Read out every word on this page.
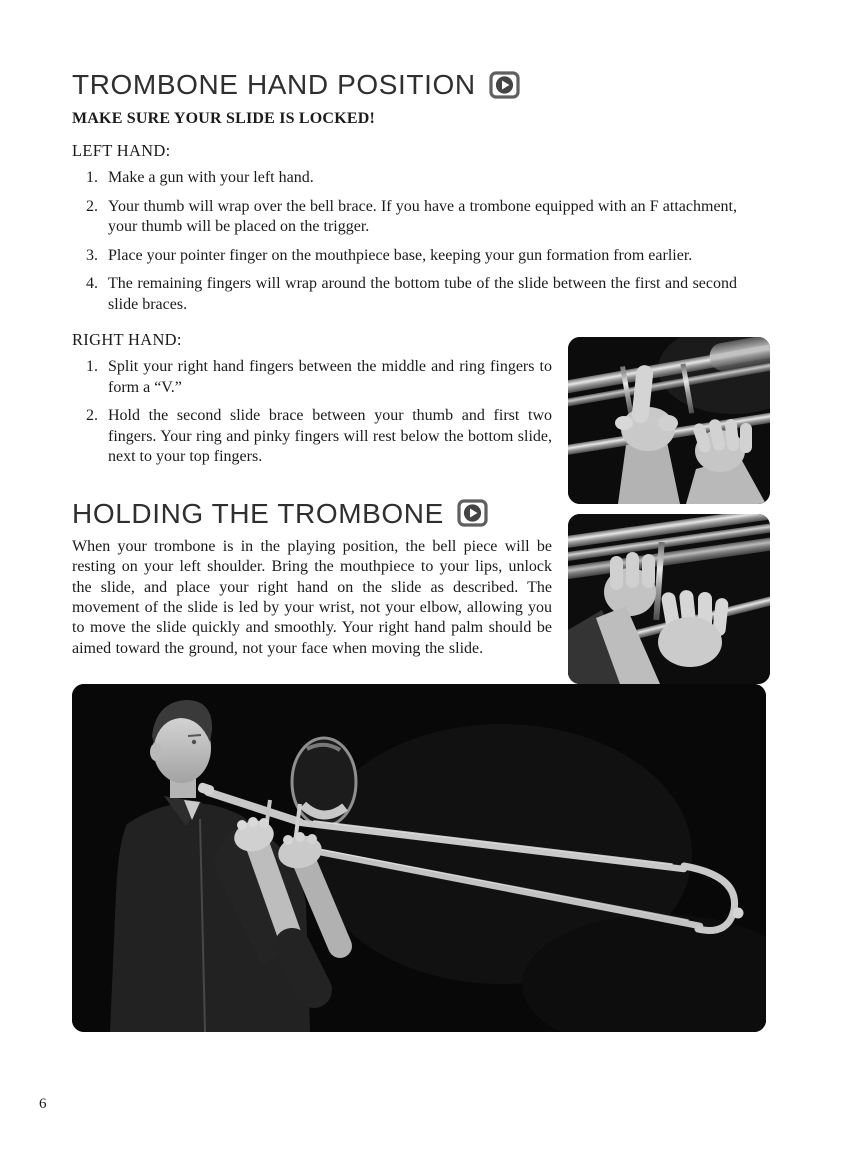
TROMBONE HAND POSITION

MAKE SURE YOUR SLIDE IS LOCKED!

LEFT HAND:

1. Make a gun with your left hand.
2. Your thumb will wrap over the bell brace. If you have a trombone equipped with an F attachment, your thumb will be placed on the trigger.
3. Place your pointer finger on the mouthpiece base, keeping your gun formation from earlier.
4. The remaining fingers will wrap around the bottom tube of the slide between the first and second slide braces.

RIGHT HAND:

1. Split your right hand fingers between the middle and ring fingers to form a “V.”
2. Hold the second slide brace between your thumb and first two fingers. Your ring and pinky fingers will rest below the bottom slide, next to your top fingers.
HOLDING THE TROMBONE

When your trombone is in the playing position, the bell piece will be resting on your left shoulder. Bring the mouthpiece to your lips, unlock the slide, and place your right hand on the slide as described. The movement of the slide is led by your wrist, not your elbow, allowing you to move the slide quickly and smoothly. Your right hand palm should be aimed toward the ground, not your face when moving the slide.

6
